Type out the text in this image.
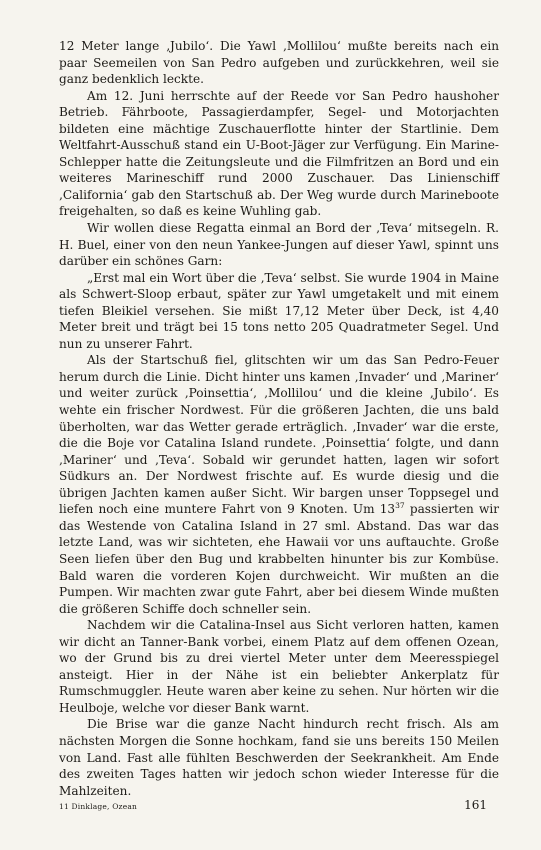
12 Meter lange ‚Jubilo‘. Die Yawl ‚Mollilou‘ mußte bereits nach ein paar Seemeilen von San Pedro aufgeben und zurückkehren, weil sie ganz bedenklich leckte.

Am 12. Juni herrschte auf der Reede vor San Pedro haushoher Betrieb. Fährboote, Passagierdampfer, Segel- und Motorjachten bildeten eine mächtige Zuschauerflotte hinter der Startlinie. Dem Weltfahrt-Ausschuß stand ein U-Boot-Jäger zur Verfügung. Ein Marine-Schlepper hatte die Zeitungsleute und die Filmfritzen an Bord und ein weiteres Marineschiff rund 2000 Zuschauer. Das Linienschiff ‚California‘ gab den Startschuß ab. Der Weg wurde durch Marineboote freigehalten, so daß es keine Wuhling gab.

Wir wollen diese Regatta einmal an Bord der ‚Teva‘ mitsegeln. R. H. Buel, einer von den neun Yankee-Jungen auf dieser Yawl, spinnt uns darüber ein schönes Garn:

„Erst mal ein Wort über die ‚Teva‘ selbst. Sie wurde 1904 in Maine als Schwert-Sloop erbaut, später zur Yawl umgetakelt und mit einem tiefen Bleikiel versehen. Sie mißt 17,12 Meter über Deck, ist 4,40 Meter breit und trägt bei 15 tons netto 205 Quadratmeter Segel. Und nun zu unserer Fahrt.

Als der Startschuß fiel, glitschten wir um das San Pedro-Feuer herum durch die Linie. Dicht hinter uns kamen ‚Invader‘ und ‚Mariner‘ und weiter zurück ‚Poinsettia‘, ‚Mollilou‘ und die kleine ‚Jubilo‘. Es wehte ein frischer Nordwest. Für die größeren Jachten, die uns bald überholten, war das Wetter gerade erträglich. ‚Invader‘ war die erste, die die Boje vor Catalina Island rundete. ‚Poinsettia‘ folgte, und dann ‚Mariner‘ und ‚Teva‘. Sobald wir gerundet hatten, lagen wir sofort Südkurs an. Der Nordwest frischte auf. Es wurde diesig und die übrigen Jachten kamen außer Sicht. Wir bargen unser Toppsegel und liefen noch eine muntere Fahrt von 9 Knoten. Um $13^{37}$ passierten wir das Westende von Catalina Island in 27 sml. Abstand. Das war das letzte Land, was wir sichteten, ehe Hawaii vor uns auftauchte. Große Seen liefen über den Bug und krabbelten hinunter bis zur Kombüse. Bald waren die vorderen Kojen durchweicht. Wir mußten an die Pumpen. Wir machten zwar gute Fahrt, aber bei diesem Winde mußten die größeren Schiffe doch schneller sein.

Nachdem wir die Catalina-Insel aus Sicht verloren hatten, kamen wir dicht an Tanner-Bank vorbei, einem Platz auf dem offenen Ozean, wo der Grund bis zu drei viertel Meter unter dem Meeresspiegel ansteigt. Hier in der Nähe ist ein beliebter Ankerplatz für Rumschmuggler. Heute waren aber keine zu sehen. Nur hörten wir die Heulboje, welche vor dieser Bank warnt.

Die Brise war die ganze Nacht hindurch recht frisch. Als am nächsten Morgen die Sonne hochkam, fand sie uns bereits 150 Meilen von Land. Fast alle fühlten Beschwerden der Seekrankheit. Am Ende des zweiten Tages hatten wir jedoch schon wieder Interesse für die Mahlzeiten.

11 Dinklage, Ozean	161
